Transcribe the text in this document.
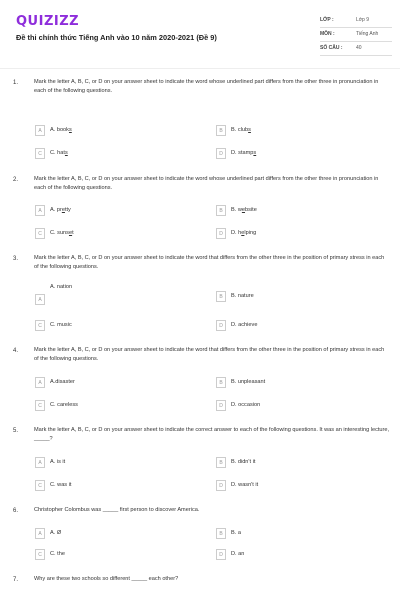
QUIZIZZ
Đề thi chính thức Tiếng Anh vào 10 năm 2020-2021 (Đề 9)
LỚP :	Lớp 9
MÔN :	Tiếng Anh
SỐ CÂU :	40
1.	Mark the letter A, B, C, or D on your answer sheet to indicate the word whose underlined part differs from the other three in pronunciation in each of the following questions.
A	A. books	B	B. clubs
C	C. hats	D	D. stamps
2.	Mark the letter A, B, C, or D on your answer sheet to indicate the word whose underlined part differs from the other three in pronunciation in each of the following questions.
A	A. pretty	B	B. website
C	C. sunset	D	D. helping
3.	Mark the letter A, B, C, or D on your answer sheet to indicate the word that differs from the other three in the position of primary stress in each of the following questions.
A
A. nation
B	B. nature
C	C. music	D	D. achieve
4.	Mark the letter A, B, C, or D on your answer sheet to indicate the word that differs from the other three in the position of primary stress in each of the following questions.
A	A.disaster	B	B. unpleasant
C	C. careless	D	D. occasion
5.	Mark the letter A, B, C, or D on your answer sheet to indicate the correct answer to each of the following questions. It was an interesting lecture, _____?
A	A. is it	B	B. didn't it
C	C. was it	D	D. wasn't it
6.	Christopher Colombus was _____ first person to discover America.
A	A. Ø	B	B. a
C	C. the	D	D. an
7.	Why are these two schools so different _____ each other?
